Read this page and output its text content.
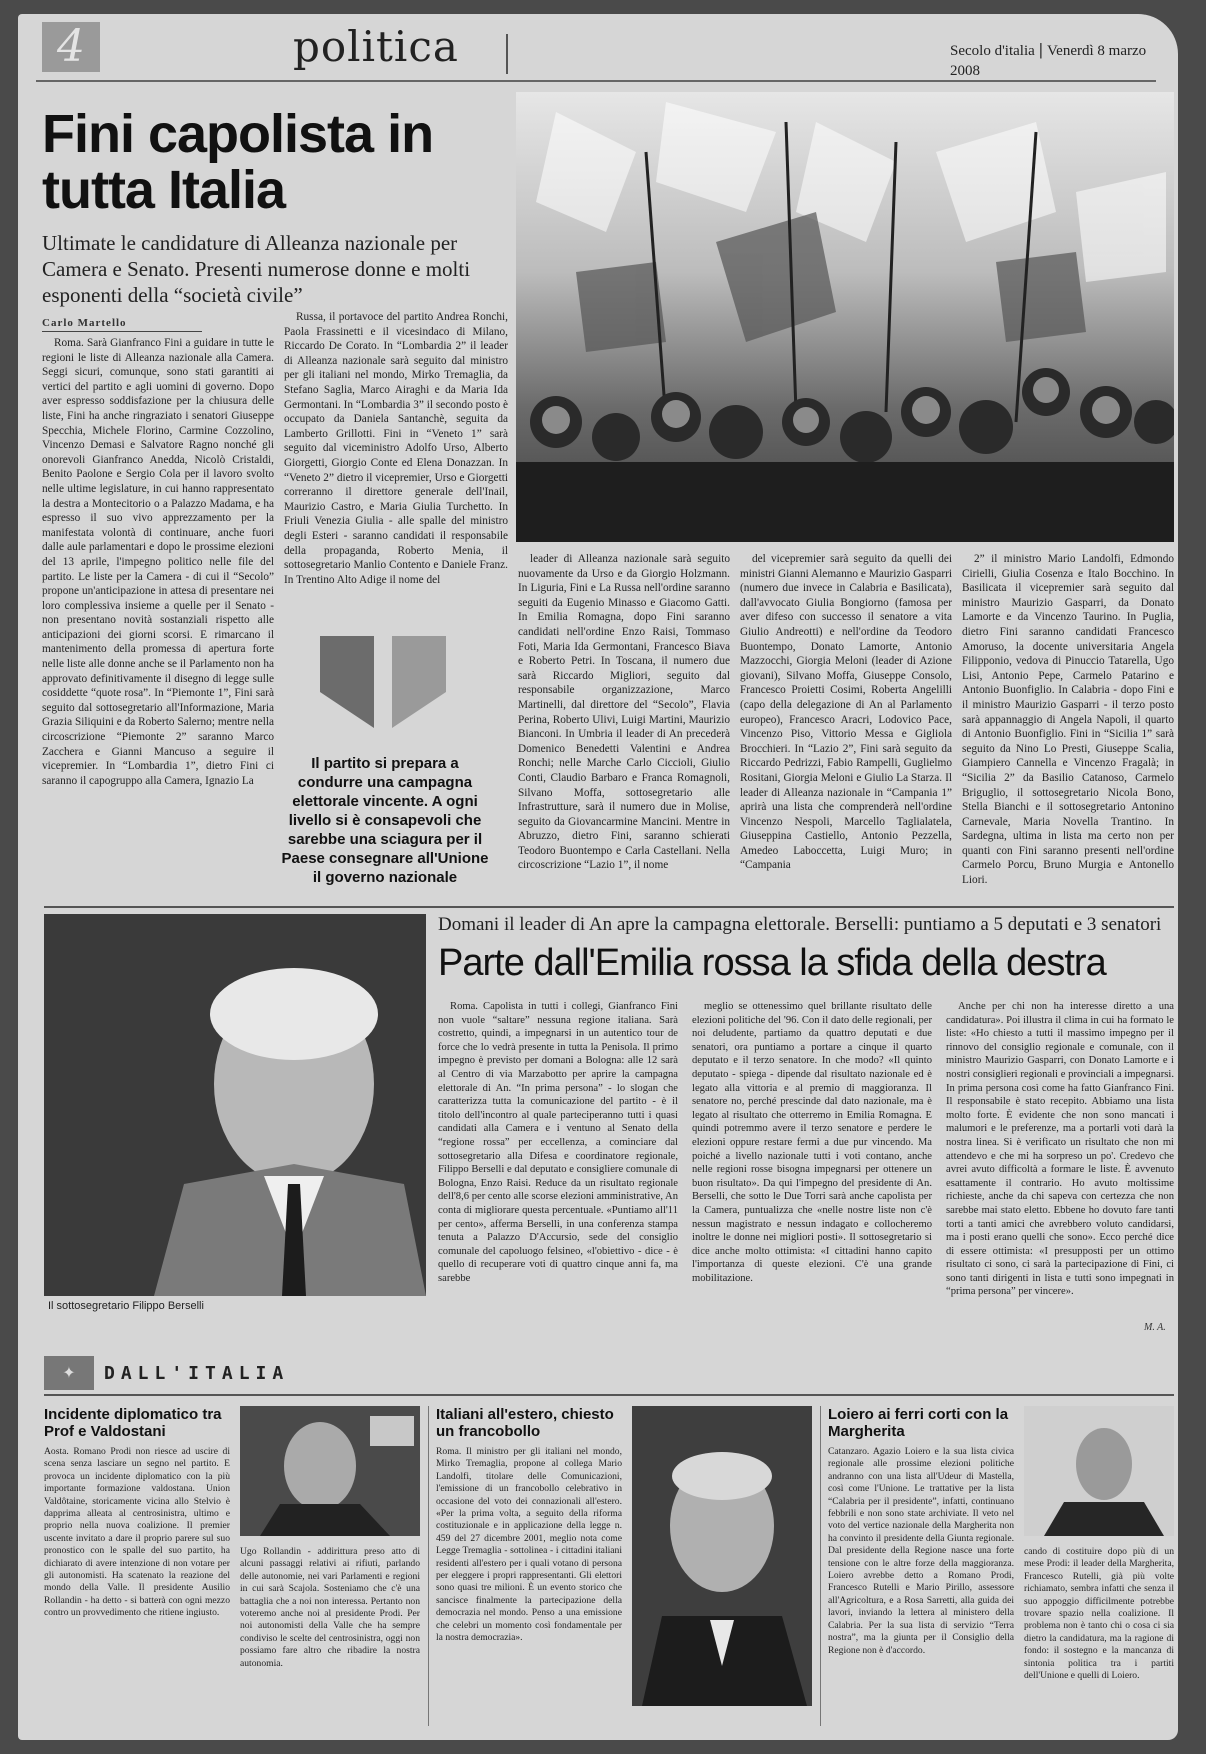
4	politica	Secolo d'italia | Venerdì 8 marzo 2008
Fini capolista in tutta Italia
Ultimate le candidature di Alleanza nazionale per Camera e Senato. Presenti numerose donne e molti esponenti della “società civile”
Carlo Martello

Roma. Sarà Gianfranco Fini a guidare in tutte le regioni le liste di Alleanza nazionale alla Camera. Seggi sicuri, comunque, sono stati garantiti ai vertici del partito e agli uomini di governo. Dopo aver espresso soddisfazione per la chiusura delle liste, Fini ha anche ringraziato i senatori Giuseppe Specchia, Michele Florino, Carmine Cozzolino, Vincenzo Demasi e Salvatore Ragno nonché gli onorevoli Gianfranco Anedda, Nicolò Cristaldi, Benito Paolone e Sergio Cola per il lavoro svolto nelle ultime legislature, in cui hanno rappresentato la destra a Montecitorio o a Palazzo Madama, e ha espresso il suo vivo apprezzamento per la manifestata volontà di continuare, anche fuori dalle aule parlamentari e dopo le prossime elezioni del 13 aprile, l'impegno politico nelle file del partito. Le liste per la Camera - di cui il “Secolo” propone un'anticipazione in attesa di presentare nei loro complessiva insieme a quelle per il Senato - non presentano novità sostanziali rispetto alle anticipazioni dei giorni scorsi. E rimarcano il mantenimento della promessa di apertura forte nelle liste alle donne anche se il Parlamento non ha approvato definitivamente il disegno di legge sulle cosiddette “quote rosa”. In “Piemonte 1”, Fini sarà seguito dal sottosegretario all'Informazione, Maria Grazia Siliquini e da Roberto Salerno; mentre nella circoscrizione “Piemonte 2” saranno Marco Zacchera e Gianni Mancuso a seguire il vicepremier. In “Lombardia 1”, dietro Fini ci saranno il capogruppo alla Camera, Ignazio La

Russa, il portavoce del partito Andrea Ronchi, Paola Frassinetti e il vicesindaco di Milano, Riccardo De Corato. In “Lombardia 2” il leader di Alleanza nazionale sarà seguito dal ministro per gli italiani nel mondo, Mirko Tremaglia, da Stefano Saglia, Marco Airaghi e da Maria Ida Germontani. In “Lombardia 3” il secondo posto è occupato da Daniela Santanchè, seguita da Lamberto Grillotti. Fini in “Veneto 1” sarà seguito dal viceministro Adolfo Urso, Alberto Giorgetti, Giorgio Conte ed Elena Donazzan. In “Veneto 2” dietro il vicepremier, Urso e Giorgetti correranno il direttore generale dell'Inail, Maurizio Castro, e Maria Giulia Turchetto. In Friuli Venezia Giulia - alle spalle del ministro degli Esteri - saranno candidati il responsabile della propaganda, Roberto Menia, il sottosegretario Manlio Contento e Daniele Franz. In Trentino Alto Adige il nome del

Il partito si prepara a condurre una campagna elettorale vincente. A ogni livello si è consapevoli che sarebbe una sciagura per il Paese consegnare all'Unione il governo nazionale

leader di Alleanza nazionale sarà seguito nuovamente da Urso e da Giorgio Holzmann. In Liguria, Fini e La Russa nell'ordine saranno seguiti da Eugenio Minasso e Giacomo Gatti. In Emilia Romagna, dopo Fini saranno candidati nell'ordine Enzo Raisi, Tommaso Foti, Maria Ida Germontani, Francesco Biava e Roberto Petri. In Toscana, il numero due sarà Riccardo Migliori, seguito dal responsabile organizzazione, Marco Martinelli, dal direttore del “Secolo”, Flavia Perina, Roberto Ulivi, Luigi Martini, Maurizio Bianconi. In Umbria il leader di An precederà Domenico Benedetti Valentini e Andrea Ronchi; nelle Marche Carlo Ciccioli, Giulio Conti, Claudio Barbaro e Franca Romagnoli, Silvano Moffa, sottosegretario alle Infrastrutture, sarà il numero due in Molise, seguito da Giovancarmine Mancini. Mentre in Abruzzo, dietro Fini, saranno schierati Teodoro Buontempo e Carla Castellani. Nella circoscrizione “Lazio 1”, il nome

del vicepremier sarà seguito da quelli dei ministri Gianni Alemanno e Maurizio Gasparri (numero due invece in Calabria e Basilicata), dall'avvocato Giulia Bongiorno (famosa per aver difeso con successo il senatore a vita Giulio Andreotti) e nell'ordine da Teodoro Buontempo, Donato Lamorte, Antonio Mazzocchi, Giorgia Meloni (leader di Azione giovani), Silvano Moffa, Giuseppe Consolo, Francesco Proietti Cosimi, Roberta Angelilli (capo della delegazione di An al Parlamento europeo), Francesco Aracri, Lodovico Pace, Vincenzo Piso, Vittorio Messa e Gigliola Brocchieri. In “Lazio 2”, Fini sarà seguito da Riccardo Pedrizzi, Fabio Rampelli, Guglielmo Rositani, Giorgia Meloni e Giulio La Starza. Il leader di Alleanza nazionale in “Campania 1” aprirà una lista che comprenderà nell'ordine Vincenzo Nespoli, Marcello Taglialatela, Giuseppina Castiello, Antonio Pezzella, Amedeo Laboccetta, Luigi Muro; in “Campania

2” il ministro Mario Landolfi, Edmondo Cirielli, Giulia Cosenza e Italo Bocchino. In Basilicata il vicepremier sarà seguito dal ministro Maurizio Gasparri, da Donato Lamorte e da Vincenzo Taurino. In Puglia, dietro Fini saranno candidati Francesco Amoruso, la docente universitaria Angela Filipponio, vedova di Pinuccio Tatarella, Ugo Lisi, Antonio Pepe, Carmelo Patarino e Antonio Buonfiglio. In Calabria - dopo Fini e il ministro Maurizio Gasparri - il terzo posto sarà appannaggio di Angela Napoli, il quarto di Antonio Buonfiglio. Fini in “Sicilia 1” sarà seguito da Nino Lo Presti, Giuseppe Scalia, Giampiero Cannella e Vincenzo Fragalà; in “Sicilia 2” da Basilio Catanoso, Carmelo Briguglio, il sottosegretario Nicola Bono, Stella Bianchi e il sottosegretario Antonino Carnevale, Maria Novella Trantino. In Sardegna, ultima in lista ma certo non per quanti con Fini saranno presenti nell'ordine Carmelo Porcu, Bruno Murgia e Antonello Liori.

Il sottosegretario Filippo Berselli
Domani il leader di An apre la campagna elettorale. Berselli: puntiamo a 5 deputati e 3 senatori
Parte dall'Emilia rossa la sfida della destra

Roma. Capolista in tutti i collegi, Gianfranco Fini non vuole “saltare” nessuna regione italiana. Sarà costretto, quindi, a impegnarsi in un autentico tour de force che lo vedrà presente in tutta la Penisola. Il primo impegno è previsto per domani a Bologna: alle 12 sarà al Centro di via Marzabotto per aprire la campagna elettorale di An. “In prima persona” - lo slogan che caratterizza tutta la comunicazione del partito - è il titolo dell'incontro al quale parteciperanno tutti i quasi candidati alla Camera e i ventuno al Senato della “regione rossa” per eccellenza, a cominciare dal sottosegretario alla Difesa e coordinatore regionale, Filippo Berselli e dal deputato e consigliere comunale di Bologna, Enzo Raisi. Reduce da un risultato regionale dell'8,6 per cento alle scorse elezioni amministrative, An conta di migliorare questa percentuale. «Puntiamo all'11 per cento», afferma Berselli, in una conferenza stampa tenuta a Palazzo D'Accursio, sede del consiglio comunale del capoluogo felsineo, «l'obiettivo - dice - è quello di recuperare voti di quattro cinque anni fa, ma sarebbe

meglio se ottenessimo quel brillante risultato delle elezioni politiche del '96. Con il dato delle regionali, per noi deludente, partiamo da quattro deputati e due senatori, ora puntiamo a portare a cinque il quarto deputato e il terzo senatore. In che modo? «Il quinto deputato - spiega - dipende dal risultato nazionale ed è legato alla vittoria e al premio di maggioranza. Il senatore no, perché prescinde dal dato nazionale, ma è legato al risultato che otterremo in Emilia Romagna. E quindi potremmo avere il terzo senatore e perdere le elezioni oppure restare fermi a due pur vincendo. Ma poiché a livello nazionale tutti i voti contano, anche nelle regioni rosse bisogna impegnarsi per ottenere un buon risultato». Da qui l'impegno del presidente di An. Berselli, che sotto le Due Torri sarà anche capolista per la Camera, puntualizza che «nelle nostre liste non c'è nessun magistrato e nessun indagato e collocheremo inoltre le donne nei migliori posti». Il sottosegretario si dice anche molto ottimista: «I cittadini hanno capito l'importanza di queste elezioni. C'è una grande mobilitazione.

Anche per chi non ha interesse diretto a una candidatura». Poi illustra il clima in cui ha formato le liste: «Ho chiesto a tutti il massimo impegno per il rinnovo del consiglio regionale e comunale, con il ministro Maurizio Gasparri, con Donato Lamorte e i nostri consiglieri regionali e provinciali a impegnarsi. In prima persona così come ha fatto Gianfranco Fini. Il responsabile è stato recepito. Abbiamo una lista molto forte. È evidente che non sono mancati i malumori e le preferenze, ma a portarli voti darà la nostra linea. Si è verificato un risultato che non mi attendevo e che mi ha sorpreso un po'. Credevo che avrei avuto difficoltà a formare le liste. È avvenuto esattamente il contrario. Ho avuto moltissime richieste, anche da chi sapeva con certezza che non sarebbe mai stato eletto. Ebbene ho dovuto fare tanti torti a tanti amici che avrebbero voluto candidarsi, ma i posti erano quelli che sono». Ecco perché dice di essere ottimista: «I presupposti per un ottimo risultato ci sono, ci sarà la partecipazione di Fini, ci sono tanti dirigenti in lista e tutti sono impegnati in “prima persona” per vincere».

M. A.
✦ DALL'ITALIA
Incidente diplomatico tra Prof e Valdostani

Aosta. Romano Prodi non riesce ad uscire di scena senza lasciare un segno nel partito. E provoca un incidente diplomatico con la più importante formazione valdostana. Union Valdôtaine, storicamente vicina allo Stelvio è dapprima alleata al centrosinistra, ultimo e proprio nella nuova coalizione. Il premier uscente invitato a dare il proprio parere sul suo pronostico con le spalle del suo partito, ha dichiarato di avere intenzione di non votare per gli autonomisti. Ha scatenato la reazione del mondo della Valle. Il presidente Ausilio Rollandin - ha detto - si batterà con ogni mezzo contro un provvedimento che ritiene ingiusto.

Ugo Rollandin - addirittura preso atto di alcuni passaggi relativi ai rifiuti, parlando delle autonomie, nei vari Parlamenti e regioni in cui sarà Scajola. Sosteniamo che c'è una battaglia che a noi non interessa. Pertanto non voteremo anche noi al presidente Prodi. Per noi autonomisti della Valle che ha sempre condiviso le scelte del centrosinistra, oggi non possiamo fare altro che ribadire la nostra autonomia.

Italiani all'estero, chiesto un francobollo

Roma. Il ministro per gli italiani nel mondo, Mirko Tremaglia, propone al collega Mario Landolfi, titolare delle Comunicazioni, l'emissione di un francobollo celebrativo in occasione del voto dei connazionali all'estero. «Per la prima volta, a seguito della riforma costituzionale e in applicazione della legge n. 459 del 27 dicembre 2001, meglio nota come Legge Tremaglia - sottolinea - i cittadini italiani residenti all'estero per i quali votano di persona per eleggere i propri rappresentanti. Gli elettori sono quasi tre milioni. È un evento storico che sancisce finalmente la partecipazione della democrazia nel mondo. Penso a una emissione che celebri un momento così fondamentale per la nostra democrazia».

Loiero ai ferri corti con la Margherita

Catanzaro. Agazio Loiero e la sua lista civica regionale alle prossime elezioni politiche andranno con una lista all'Udeur di Mastella, così come l'Unione. Le trattative per la lista “Calabria per il presidente”, infatti, continuano febbrili e non sono state archiviate. Il veto nel voto del vertice nazionale della Margherita non ha convinto il presidente della Giunta regionale. Dal presidente della Regione nasce una forte tensione con le altre forze della maggioranza. Loiero avrebbe detto a Romano Prodi, Francesco Rutelli e Mario Pirillo, assessore all'Agricoltura, e a Rosa Sarretti, alla guida dei lavori, inviando la lettera al ministero della Calabria. Per la sua lista di servizio “Terra nostra”, ma la giunta per il Consiglio della Regione non è d'accordo.

cando di costituire dopo più di un mese Prodi: il leader della Margherita, Francesco Rutelli, già più volte richiamato, sembra infatti che senza il suo appoggio difficilmente potrebbe trovare spazio nella coalizione. Il problema non è tanto chi o cosa ci sia dietro la candidatura, ma la ragione di fondo: il sostegno e la mancanza di sintonia politica tra i partiti dell'Unione e quelli di Loiero.
